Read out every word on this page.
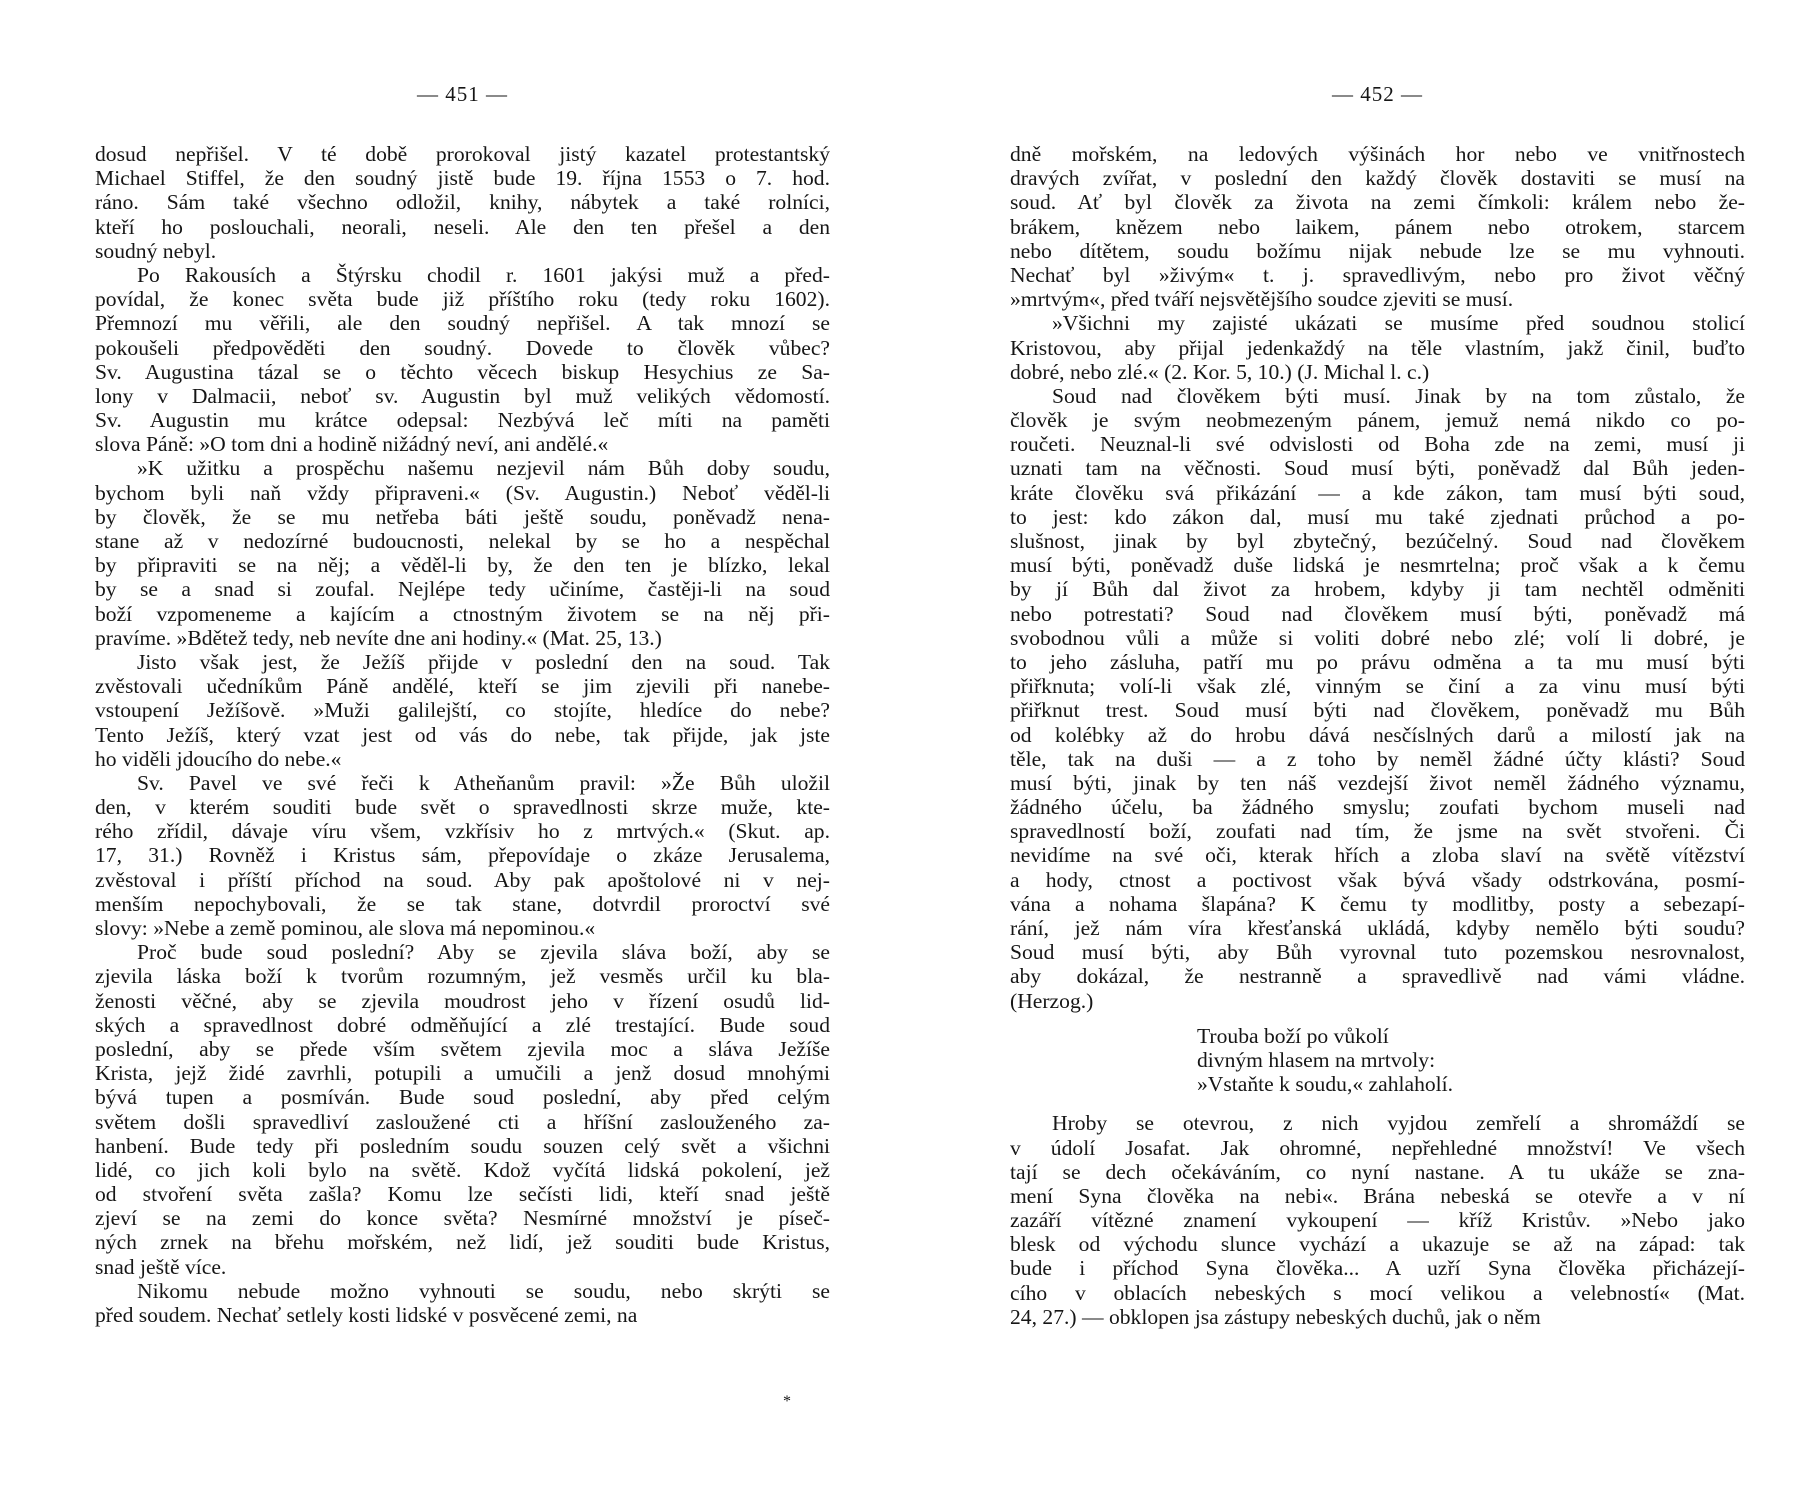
— 451 —
dosud nepřišel. V té době prorokoval jistý kazatel protestantský
Michael Stiffel, že den soudný jistě bude 19. října 1553 o 7. hod.
ráno. Sám také všechno odložil, knihy, nábytek a také rolníci,
kteří ho poslouchali, neorali, neseli. Ale den ten přešel a den
soudný nebyl.
Po Rakousích a Štýrsku chodil r. 1601 jakýsi muž a před-
povídal, že konec světa bude již příštího roku (tedy roku 1602).
Přemnozí mu věřili, ale den soudný nepřišel. A tak mnozí se
pokoušeli předpověděti den soudný. Dovede to člověk vůbec?
Sv. Augustina tázal se o těchto věcech biskup Hesychius ze Sa-
lony v Dalmacii, neboť sv. Augustin byl muž velikých vědomostí.
Sv. Augustin mu krátce odepsal: Nezbývá leč míti na paměti
slova Páně: »O tom dni a hodině nižádný neví, ani andělé.«
»K užitku a prospěchu našemu nezjevil nám Bůh doby soudu,
bychom byli naň vždy připraveni.« (Sv. Augustin.) Neboť věděl-li
by člověk, že se mu netřeba báti ještě soudu, poněvadž nena-
stane až v nedozírné budoucnosti, nelekal by se ho a nespěchal
by připraviti se na něj; a věděl-li by, že den ten je blízko, lekal
by se a snad si zoufal. Nejlépe tedy učiníme, častěji-li na soud
boží vzpomeneme a kajícím a ctnostným životem se na něj při-
pravíme. »Bdětež tedy, neb nevíte dne ani hodiny.« (Mat. 25, 13.)
Jisto však jest, že Ježíš přijde v poslední den na soud. Tak
zvěstovali učedníkům Páně andělé, kteří se jim zjevili při nanebe-
vstoupení Ježíšově. »Muži galilejští, co stojíte, hledíce do nebe?
Tento Ježíš, který vzat jest od vás do nebe, tak přijde, jak jste
ho viděli jdoucího do nebe.«
Sv. Pavel ve své řeči k Atheňanům pravil: »Že Bůh uložil
den, v kterém souditi bude svět o spravedlnosti skrze muže, kte-
rého zřídil, dávaje víru všem, vzkřísiv ho z mrtvých.« (Skut. ap.
17, 31.) Rovněž i Kristus sám, přepovídaje o zkáze Jerusalema,
zvěstoval i příští příchod na soud. Aby pak apoštolové ni v nej-
menším nepochybovali, že se tak stane, dotvrdil proroctví své
slovy: »Nebe a země pominou, ale slova má nepominou.«
Proč bude soud poslední? Aby se zjevila sláva boží, aby se
zjevila láska boží k tvorům rozumným, jež vesměs určil ku bla-
ženosti věčné, aby se zjevila moudrost jeho v řízení osudů lid-
ských a spravedlnost dobré odměňující a zlé trestající. Bude soud
poslední, aby se přede vším světem zjevila moc a sláva Ježíše
Krista, jejž židé zavrhli, potupili a umučili a jenž dosud mnohými
bývá tupen a posmíván. Bude soud poslední, aby před celým
světem došli spravedliví zasloužené cti a hříšní zaslouženého za-
hanbení. Bude tedy při posledním soudu souzen celý svět a všichni
lidé, co jich koli bylo na světě. Kdož vyčítá lidská pokolení, jež
od stvoření světa zašla? Komu lze sečísti lidi, kteří snad ještě
zjeví se na zemi do konce světa? Nesmírné množství je píseč-
ných zrnek na břehu mořském, než lidí, jež souditi bude Kristus,
snad ještě více.
Nikomu nebude možno vyhnouti se soudu, nebo skrýti se
před soudem. Nechať setlely kosti lidské v posvěcené zemi, na
*
— 452 —
dně mořském, na ledových výšinách hor nebo ve vnitřnostech
dravých zvířat, v poslední den každý člověk dostaviti se musí na
soud. Ať byl člověk za života na zemi čímkoli: králem nebo že-
brákem, knězem nebo laikem, pánem nebo otrokem, starcem
nebo dítětem, soudu božímu nijak nebude lze se mu vyhnouti.
Nechať byl »živým« t. j. spravedlivým, nebo pro život věčný
»mrtvým«, před tváří nejsvětějšího soudce zjeviti se musí.
»Všichni my zajisté ukázati se musíme před soudnou stolicí
Kristovou, aby přijal jedenkaždý na těle vlastním, jakž činil, buďto
dobré, nebo zlé.« (2. Kor. 5, 10.) (J. Michal l. c.)
Soud nad člověkem býti musí. Jinak by na tom zůstalo, že
člověk je svým neobmezeným pánem, jemuž nemá nikdo co po-
roučeti. Neuznal-li své odvislosti od Boha zde na zemi, musí ji
uznati tam na věčnosti. Soud musí býti, poněvadž dal Bůh jeden-
kráte člověku svá přikázání — a kde zákon, tam musí býti soud,
to jest: kdo zákon dal, musí mu také zjednati průchod a po-
slušnost, jinak by byl zbytečný, bezúčelný. Soud nad člověkem
musí býti, poněvadž duše lidská je nesmrtelna; proč však a k čemu
by jí Bůh dal život za hrobem, kdyby ji tam nechtěl odměniti
nebo potrestati? Soud nad člověkem musí býti, poněvadž má
svobodnou vůli a může si voliti dobré nebo zlé; volí li dobré, je
to jeho zásluha, patří mu po právu odměna a ta mu musí býti
přiřknuta; volí-li však zlé, vinným se činí a za vinu musí býti
přiřknut trest. Soud musí býti nad člověkem, poněvadž mu Bůh
od kolébky až do hrobu dává nesčíslných darů a milostí jak na
těle, tak na duši — a z toho by neměl žádné účty klásti? Soud
musí býti, jinak by ten náš vezdejší život neměl žádného významu,
žádného účelu, ba žádného smyslu; zoufati bychom museli nad
spravedlností boží, zoufati nad tím, že jsme na svět stvořeni. Či
nevidíme na své oči, kterak hřích a zloba slaví na světě vítězství
a hody, ctnost a poctivost však bývá všady odstrkována, posmí-
vána a nohama šlapána? K čemu ty modlitby, posty a sebezapí-
rání, jež nám víra křesťanská ukládá, kdyby nemělo býti soudu?
Soud musí býti, aby Bůh vyrovnal tuto pozemskou nesrovnalost,
aby dokázal, že nestranně a spravedlivě nad vámi vládne.
(Herzog.)
Trouba boží po vůkolí
divným hlasem na mrtvoly:
»Vstaňte k soudu,« zahlaholí.
Hroby se otevrou, z nich vyjdou zemřelí a shromáždí se
v údolí Josafat. Jak ohromné, nepřehledné množství! Ve všech
tají se dech očekáváním, co nyní nastane. A tu ukáže se zna-
mení Syna člověka na nebi«. Brána nebeská se otevře a v ní
zazáří vítězné znamení vykoupení — kříž Kristův. »Nebo jako
blesk od východu slunce vychází a ukazuje se až na západ: tak
bude i příchod Syna člověka... A uzří Syna člověka přicházejí-
cího v oblacích nebeských s mocí velikou a velebností« (Mat.
24, 27.) — obklopen jsa zástupy nebeských duchů, jak o něm
